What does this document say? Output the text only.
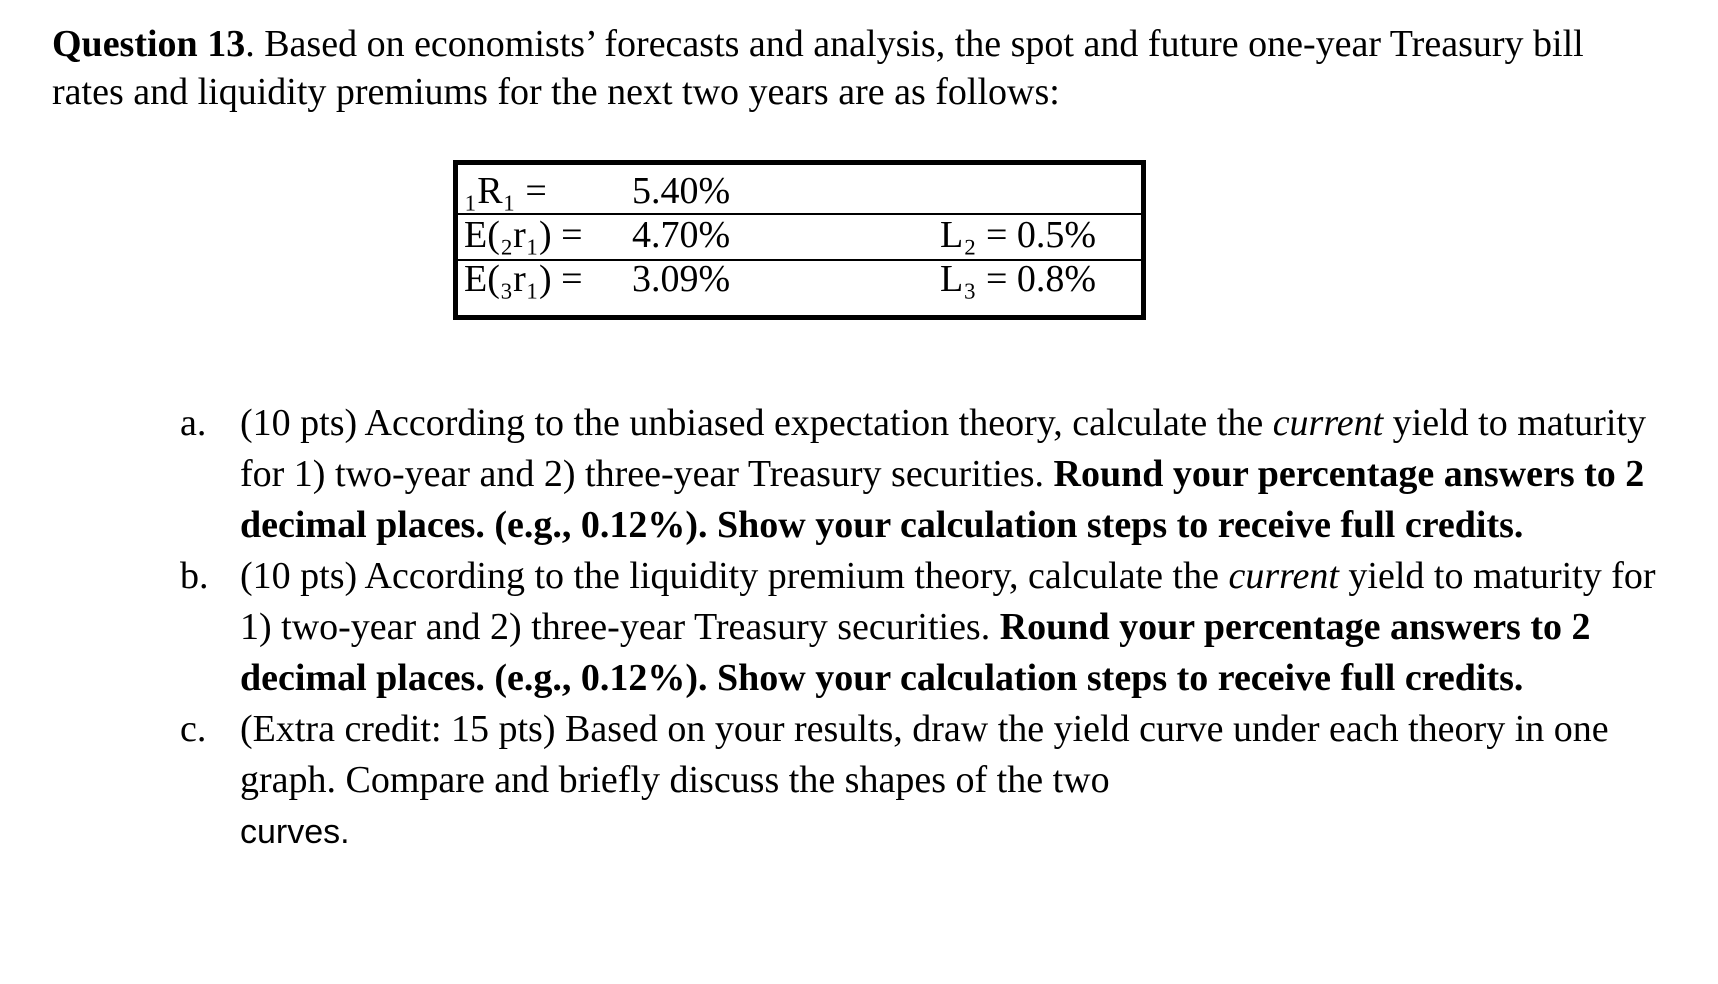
Question 13. Based on economists’ forecasts and analysis, the spot and future one-year Treasury bill rates and liquidity premiums for the next two years are as follows:
₁R₁ = 5.40%
E(₂r₁) = 4.70%	L₂ = 0.5%
E(₃r₁) = 3.09%	L₃ = 0.8%
a. (10 pts) According to the unbiased expectation theory, calculate the current yield to maturity for 1) two-year and 2) three-year Treasury securities. Round your percentage answers to 2 decimal places. (e.g., 0.12%). Show your calculation steps to receive full credits.
b. (10 pts) According to the liquidity premium theory, calculate the current yield to maturity for 1) two-year and 2) three-year Treasury securities. Round your percentage answers to 2 decimal places. (e.g., 0.12%). Show your calculation steps to receive full credits.
c. (Extra credit: 15 pts) Based on your results, draw the yield curve under each theory in one graph. Compare and briefly discuss the shapes of the two
curves.
